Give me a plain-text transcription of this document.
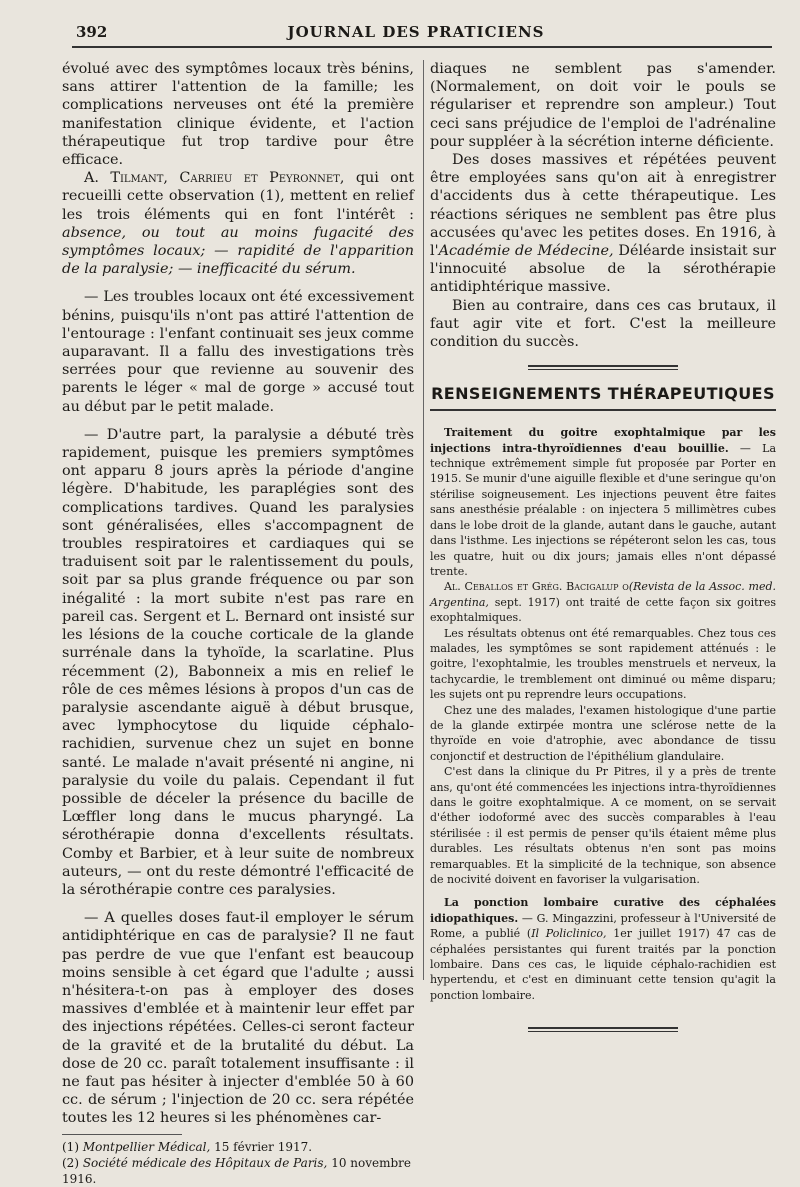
392	JOURNAL DES PRATICIENS

évolué avec des symptômes locaux très bénins, sans attirer l'attention de la famille; les complications nerveuses ont été la première manifestation clinique évidente, et l'action thérapeutique fut trop tardive pour être efficace.

A. Tilmant, Carrieu et Peyronnet, qui ont recueilli cette observation (1), mettent en relief les trois éléments qui en font l'intérêt : absence, ou tout au moins fugacité des symptômes locaux; — rapidité de l'apparition de la paralysie; — inefficacité du sérum.

— Les troubles locaux ont été excessivement bénins, puisqu'ils n'ont pas attiré l'attention de l'entourage : l'enfant continuait ses jeux comme auparavant. Il a fallu des investigations très serrées pour que revienne au souvenir des parents le léger « mal de gorge » accusé tout au début par le petit malade.

— D'autre part, la paralysie a débuté très rapidement, puisque les premiers symptômes ont apparu 8 jours après la période d'angine légère. D'habitude, les paraplégies sont des complications tardives. Quand les paralysies sont généralisées, elles s'accompagnent de troubles respiratoires et cardiaques qui se traduisent soit par le ralentissement du pouls, soit par sa plus grande fréquence ou par son inégalité : la mort subite n'est pas rare en pareil cas. Sergent et L. Bernard ont insisté sur les lésions de la couche corticale de la glande surrénale dans la tyhoïde, la scarlatine. Plus récemment (2), Babonneix a mis en relief le rôle de ces mêmes lésions à propos d'un cas de paralysie ascendante aiguë à début brusque, avec lymphocytose du liquide céphalo-rachidien, survenue chez un sujet en bonne santé. Le malade n'avait présenté ni angine, ni paralysie du voile du palais. Cependant il fut possible de déceler la présence du bacille de Lœffler long dans le mucus pharyngé. La sérothérapie donna d'excellents résultats. Comby et Barbier, et à leur suite de nombreux auteurs, — ont du reste démontré l'efficacité de la sérothérapie contre ces paralysies.

— A quelles doses faut-il employer le sérum antidiphtérique en cas de paralysie? Il ne faut pas perdre de vue que l'enfant est beaucoup moins sensible à cet égard que l'adulte ; aussi n'hésitera-t-on pas à employer des doses massives d'emblée et à maintenir leur effet par des injections répétées. Celles-ci seront facteur de la gravité et de la brutalité du début. La dose de 20 cc. paraît totalement insuffisante : il ne faut pas hésiter à injecter d'emblée 50 à 60 cc. de sérum ; l'injection de 20 cc. sera répétée toutes les 12 heures si les phénomènes car-

(1) Montpellier Médical, 15 février 1917.

(2) Société médicale des Hôpitaux de Paris, 10 novembre 1916.

diaques ne semblent pas s'amender. (Normalement, on doit voir le pouls se régulariser et reprendre son ampleur.) Tout ceci sans préjudice de l'emploi de l'adrénaline pour suppléer à la sécrétion interne déficiente.

Des doses massives et répétées peuvent être employées sans qu'on ait à enregistrer d'accidents dus à cette thérapeutique. Les réactions sériques ne semblent pas être plus accusées qu'avec les petites doses. En 1916, à l'Académie de Médecine, Déléarde insistait sur l'innocuité absolue de la sérothérapie antidiphtérique massive.

Bien au contraire, dans ces cas brutaux, il faut agir vite et fort. C'est la meilleure condition du succès.

RENSEIGNEMENTS THÉRAPEUTIQUES

Traitement du goitre exophtalmique par les injections intra-thyroïdiennes d'eau bouillie. — La technique extrêmement simple fut proposée par Porter en 1915. Se munir d'une aiguille flexible et d'une seringue qu'on stérilise soigneusement. Les injections peuvent être faites sans anesthésie préalable : on injectera 5 millimètres cubes dans le lobe droit de la glande, autant dans le gauche, autant dans l'isthme. Les injections se répéteront selon les cas, tous les quatre, huit ou dix jours; jamais elles n'ont dépassé trente.

Al. Ceballos et Grég. Bacigalup o(Revista de la Assoc. med. Argentina, sept. 1917) ont traité de cette façon six goitres exophtalmiques.

Les résultats obtenus ont été remarquables. Chez tous ces malades, les symptômes se sont rapidement atténués : le goitre, l'exophtalmie, les troubles menstruels et nerveux, la tachycardie, le tremblement ont diminué ou même disparu; les sujets ont pu reprendre leurs occupations.

Chez une des malades, l'examen histologique d'une partie de la glande extirpée montra une sclérose nette de la thyroïde en voie d'atrophie, avec abondance de tissu conjonctif et destruction de l'épithélium glandulaire.

C'est dans la clinique du Pr Pitres, il y a près de trente ans, qu'ont été commencées les injections intra-thyroïdiennes dans le goitre exophtalmique. A ce moment, on se servait d'éther iodoformé avec des succès comparables à l'eau stérilisée : il est permis de penser qu'ils étaient même plus durables. Les résultats obtenus n'en sont pas moins remarquables. Et la simplicité de la technique, son absence de nocivité doivent en favoriser la vulgarisation.

La ponction lombaire curative des céphalées idiopathiques. — G. Mingazzini, professeur à l'Université de Rome, a publié (Il Policlinico, 1er juillet 1917) 47 cas de céphalées persistantes qui furent traités par la ponction lombaire. Dans ces cas, le liquide céphalo-rachidien est hypertendu, et c'est en diminuant cette tension qu'agit la ponction lombaire.
